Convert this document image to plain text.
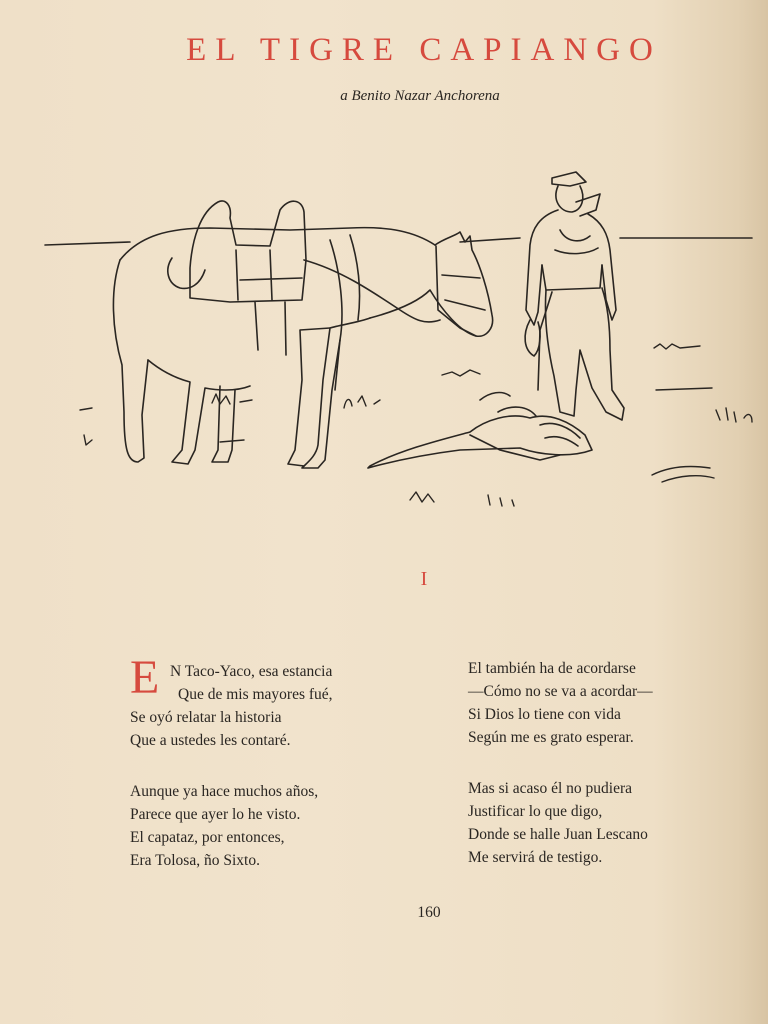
EL TIGRE CAPIANGO
a Benito Nazar Anchorena
I
E N Taco-Yaco, esa estancia
Que de mis mayores fué,
Se oyó relatar la historia
Que a ustedes les contaré.
Aunque ya hace muchos años,
Parece que ayer lo he visto.
El capataz, por entonces,
Era Tolosa, ño Sixto.
El también ha de acordarse
—Cómo no se va a acordar—
Si Dios lo tiene con vida
Según me es grato esperar.
Mas si acaso él no pudiera
Justificar lo que digo,
Donde se halle Juan Lescano
Me servirá de testigo.
160
